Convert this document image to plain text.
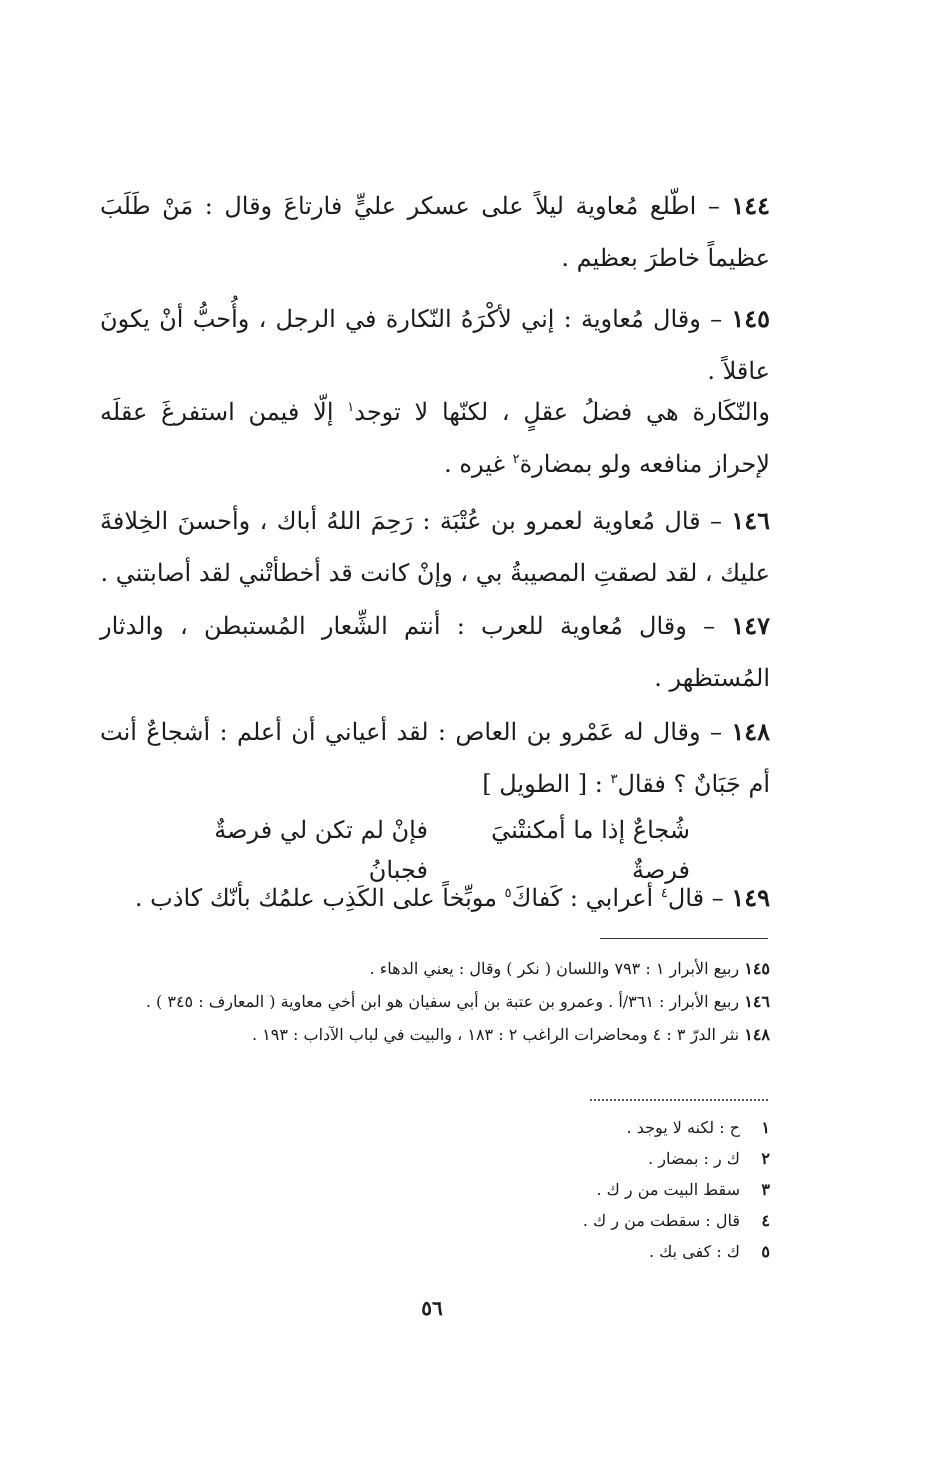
١٤٤ – اطّلع مُعاوية ليلاً على عسكر عليٍّ فارتاعَ وقال : مَنْ طَلَبَ عظيماً خاطرَ بعظيم .

١٤٥ – وقال مُعاوية : إني لأكْرَهُ النّكارة في الرجل ، وأُحبُّ أنْ يكونَ عاقلاً .

والنّكَارة هي فضلُ عقلٍ ، لكنّها لا توجد$^١$ إلّا فيمن استفرغَ عقلَه لإحراز منافعه ولو بمضارة$^٢$ غيره .

١٤٦ – قال مُعاوية لعمرو بن عُتْبَة : رَحِمَ اللهُ أباك ، وأحسنَ الخِلافةَ عليك ، لقد لصقتِ المصيبةُ بي ، وإنْ كانت قد أخطأتْني لقد أصابتني .

١٤٧ – وقال مُعاوية للعرب : أنتم الشِّعار المُستبطن ، والدثار المُستظهر .

١٤٨ – وقال له عَمْرو بن العاص : لقد أعياني أن أعلم : أشجاعٌ أنت أم جَبَانٌ ؟ فقال$^٣$ : [ الطويل ]

شُجاعٌ إذا ما أمكنتْنيَ فرصةٌ
فإنْ لم تكن لي فرصةٌ فجبانُ

١٤٩ – قال$^٤$ أعرابي : كَفاكَ$^٥$ موبِّخاً على الكَذِب علمُك بأنّك كاذب .

١٤٥ ربيع الأبرار ١ : ٧٩٣ واللسان ( نكر ) وقال : يعني الدهاء .

١٤٦ ربيع الأبرار : ٣٦١/أ . وعمرو بن عتبة بن أبي سفيان هو ابن أخي معاوية ( المعارف : ٣٤٥ ) .

١٤٨ نثر الدرّ ٣ : ٤ ومحاضرات الراغب ٢ : ١٨٣ ، والبيت في لباب الآداب : ١٩٣ .

١ح : لكنه لا يوجد .

٢ك ر : بمضار .

٣سقط البيت من ر ك .

٤قال : سقطت من ر ك .

٥ك : كفى بك .

٥٦
